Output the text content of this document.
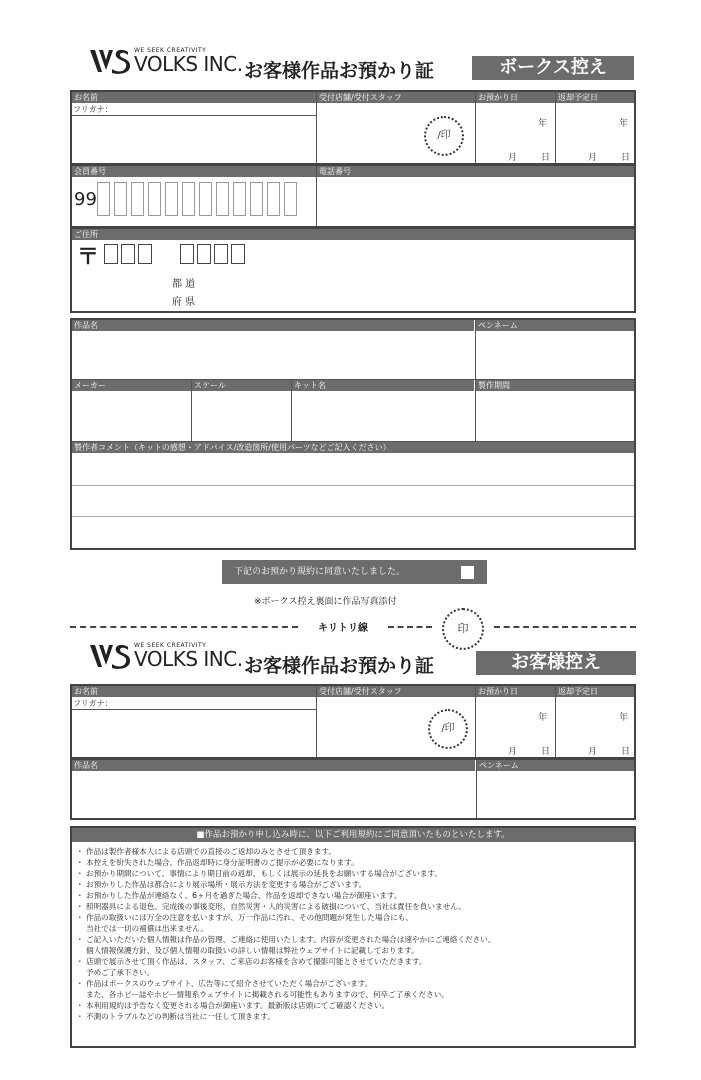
WE SEEK CREATIVITY
VOLKS INC. お客様作品お預かり証	ボークス控え
お名前	受付店舗/受付スタッフ	お預かり日	返却予定日
フリガナ：
/印
年
月	日
年
月	日
会員番号	電話番号
99
ご住所
〒
都 道
府 県
作品名	ペンネーム
メーカー	スケール	キット名	製作期間
製作者コメント（キットの感想・アドバイス/改造箇所/使用パーツなどご記入ください）
下記のお預かり規約に同意いたしました。
※ボークス控え裏面に作品写真添付
キリトリ線	印
WE SEEK CREATIVITY
VOLKS INC. お客様作品お預かり証	お客様控え
お名前	受付店舗/受付スタッフ	お預かり日	返却予定日
フリガナ：
/印
年
月	日
年
月	日
作品名	ペンネーム
■作品お預かり申し込み時に、以下ご利用規約にご同意頂いたものといたします。
・ 作品は製作者様本人による店頭での直接のご返却のみとさせて頂きます。
・ 本控えを紛失された場合、作品返却時に身分証明書のご提示が必要になります。
・ お預かり期間について、事情により期日前の返却、もしくは展示の延長をお願いする場合がございます。
・ お預かりした作品は都合により展示場所・展示方法を変更する場合がございます。
・ お預かりした作品が連絡なく、6ヶ月を過ぎた場合、作品を返却できない場合が御座います。
・ 照明器具による退色、完成後の事後変形、自然災害・人的災害による破損について、当社は責任を負いません。
・ 作品の取扱いには万全の注意を払いますが、万一作品に汚れ、その他問題が発生した場合にも、
当社では一切の補償は出来ません。
・ ご記入いただいた個人情報は作品の管理、ご連絡に使用いたします。内容が変更された場合は速やかにご連絡ください。
個人情報保護方針、及び個人情報の取扱いの詳しい情報は弊社ウェブサイトに記載しております。
・ 店頭で展示させて頂く作品は、スタッフ、ご来店のお客様を含めて撮影可能とさせていただきます。
予めご了承下さい。
・ 作品はボークスのウェブサイト、広告等にて紹介させていただく場合がございます。
また、各ホビー誌やホビー情報系ウェブサイトに掲載される可能性もありますので、何卒ご了承ください。
・ 本利用規約は予告なく変更される場合が御座います。最新版は店頭にてご確認ください。
・ 不測のトラブルなどの判断は当社に一任して頂きます。
